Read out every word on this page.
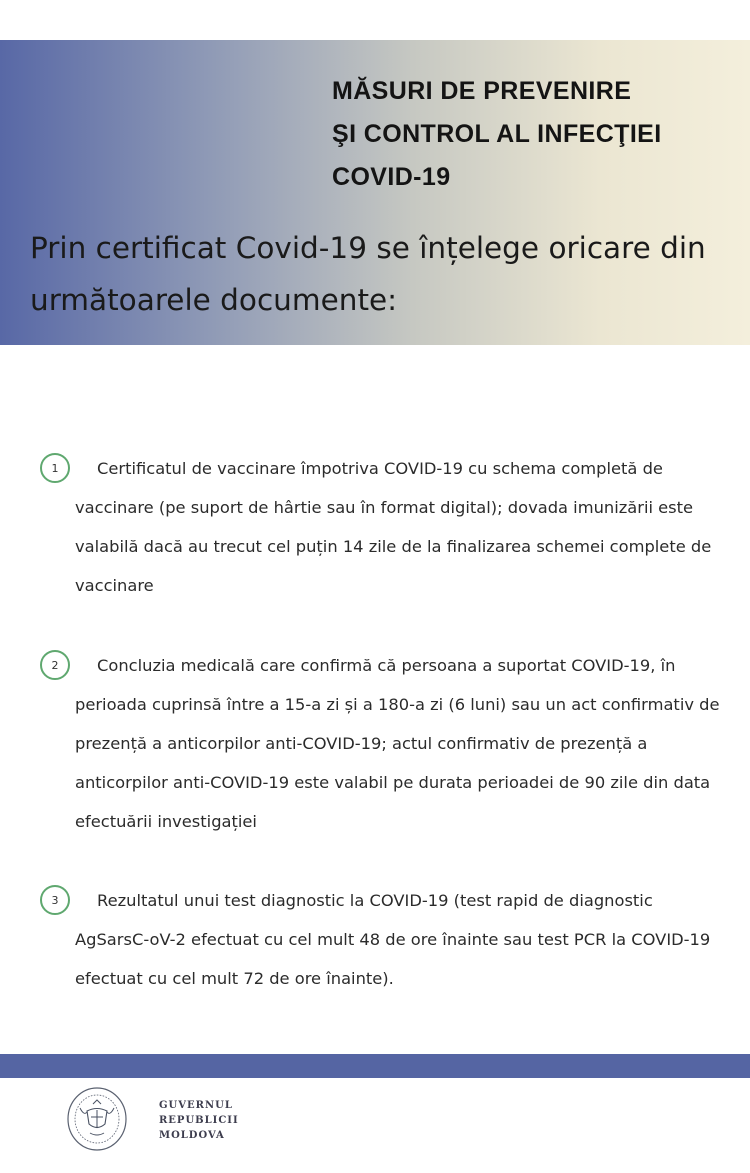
MĂSURI DE PREVENIRE
ŞI CONTROL AL INFECŢIEI
COVID-19
Prin certificat Covid-19 se înțelege oricare din următoarele documente:
1	Certificatul de vaccinare împotriva COVID-19 cu schema completă de vaccinare (pe suport de hârtie sau în format digital); dovada imunizării este valabilă dacă au trecut cel puțin 14 zile de la finalizarea schemei complete de vaccinare
2	Concluzia medicală care confirmă că persoana a suportat COVID-19, în perioada cuprinsă între a 15-a zi și a 180-a zi (6 luni) sau un act confirmativ de prezență a anticorpilor anti-COVID-19; actul confirmativ de prezență a anticorpilor anti-COVID-19 este valabil pe durata perioadei de 90 zile din data efectuării investigației
3	Rezultatul unui test diagnostic la COVID-19 (test rapid de diagnostic AgSarsC-oV-2 efectuat cu cel mult 48 de ore înainte sau test PCR la COVID-19 efectuat cu cel mult 72 de ore înainte).
GUVERNUL
REPUBLICII
MOLDOVA
